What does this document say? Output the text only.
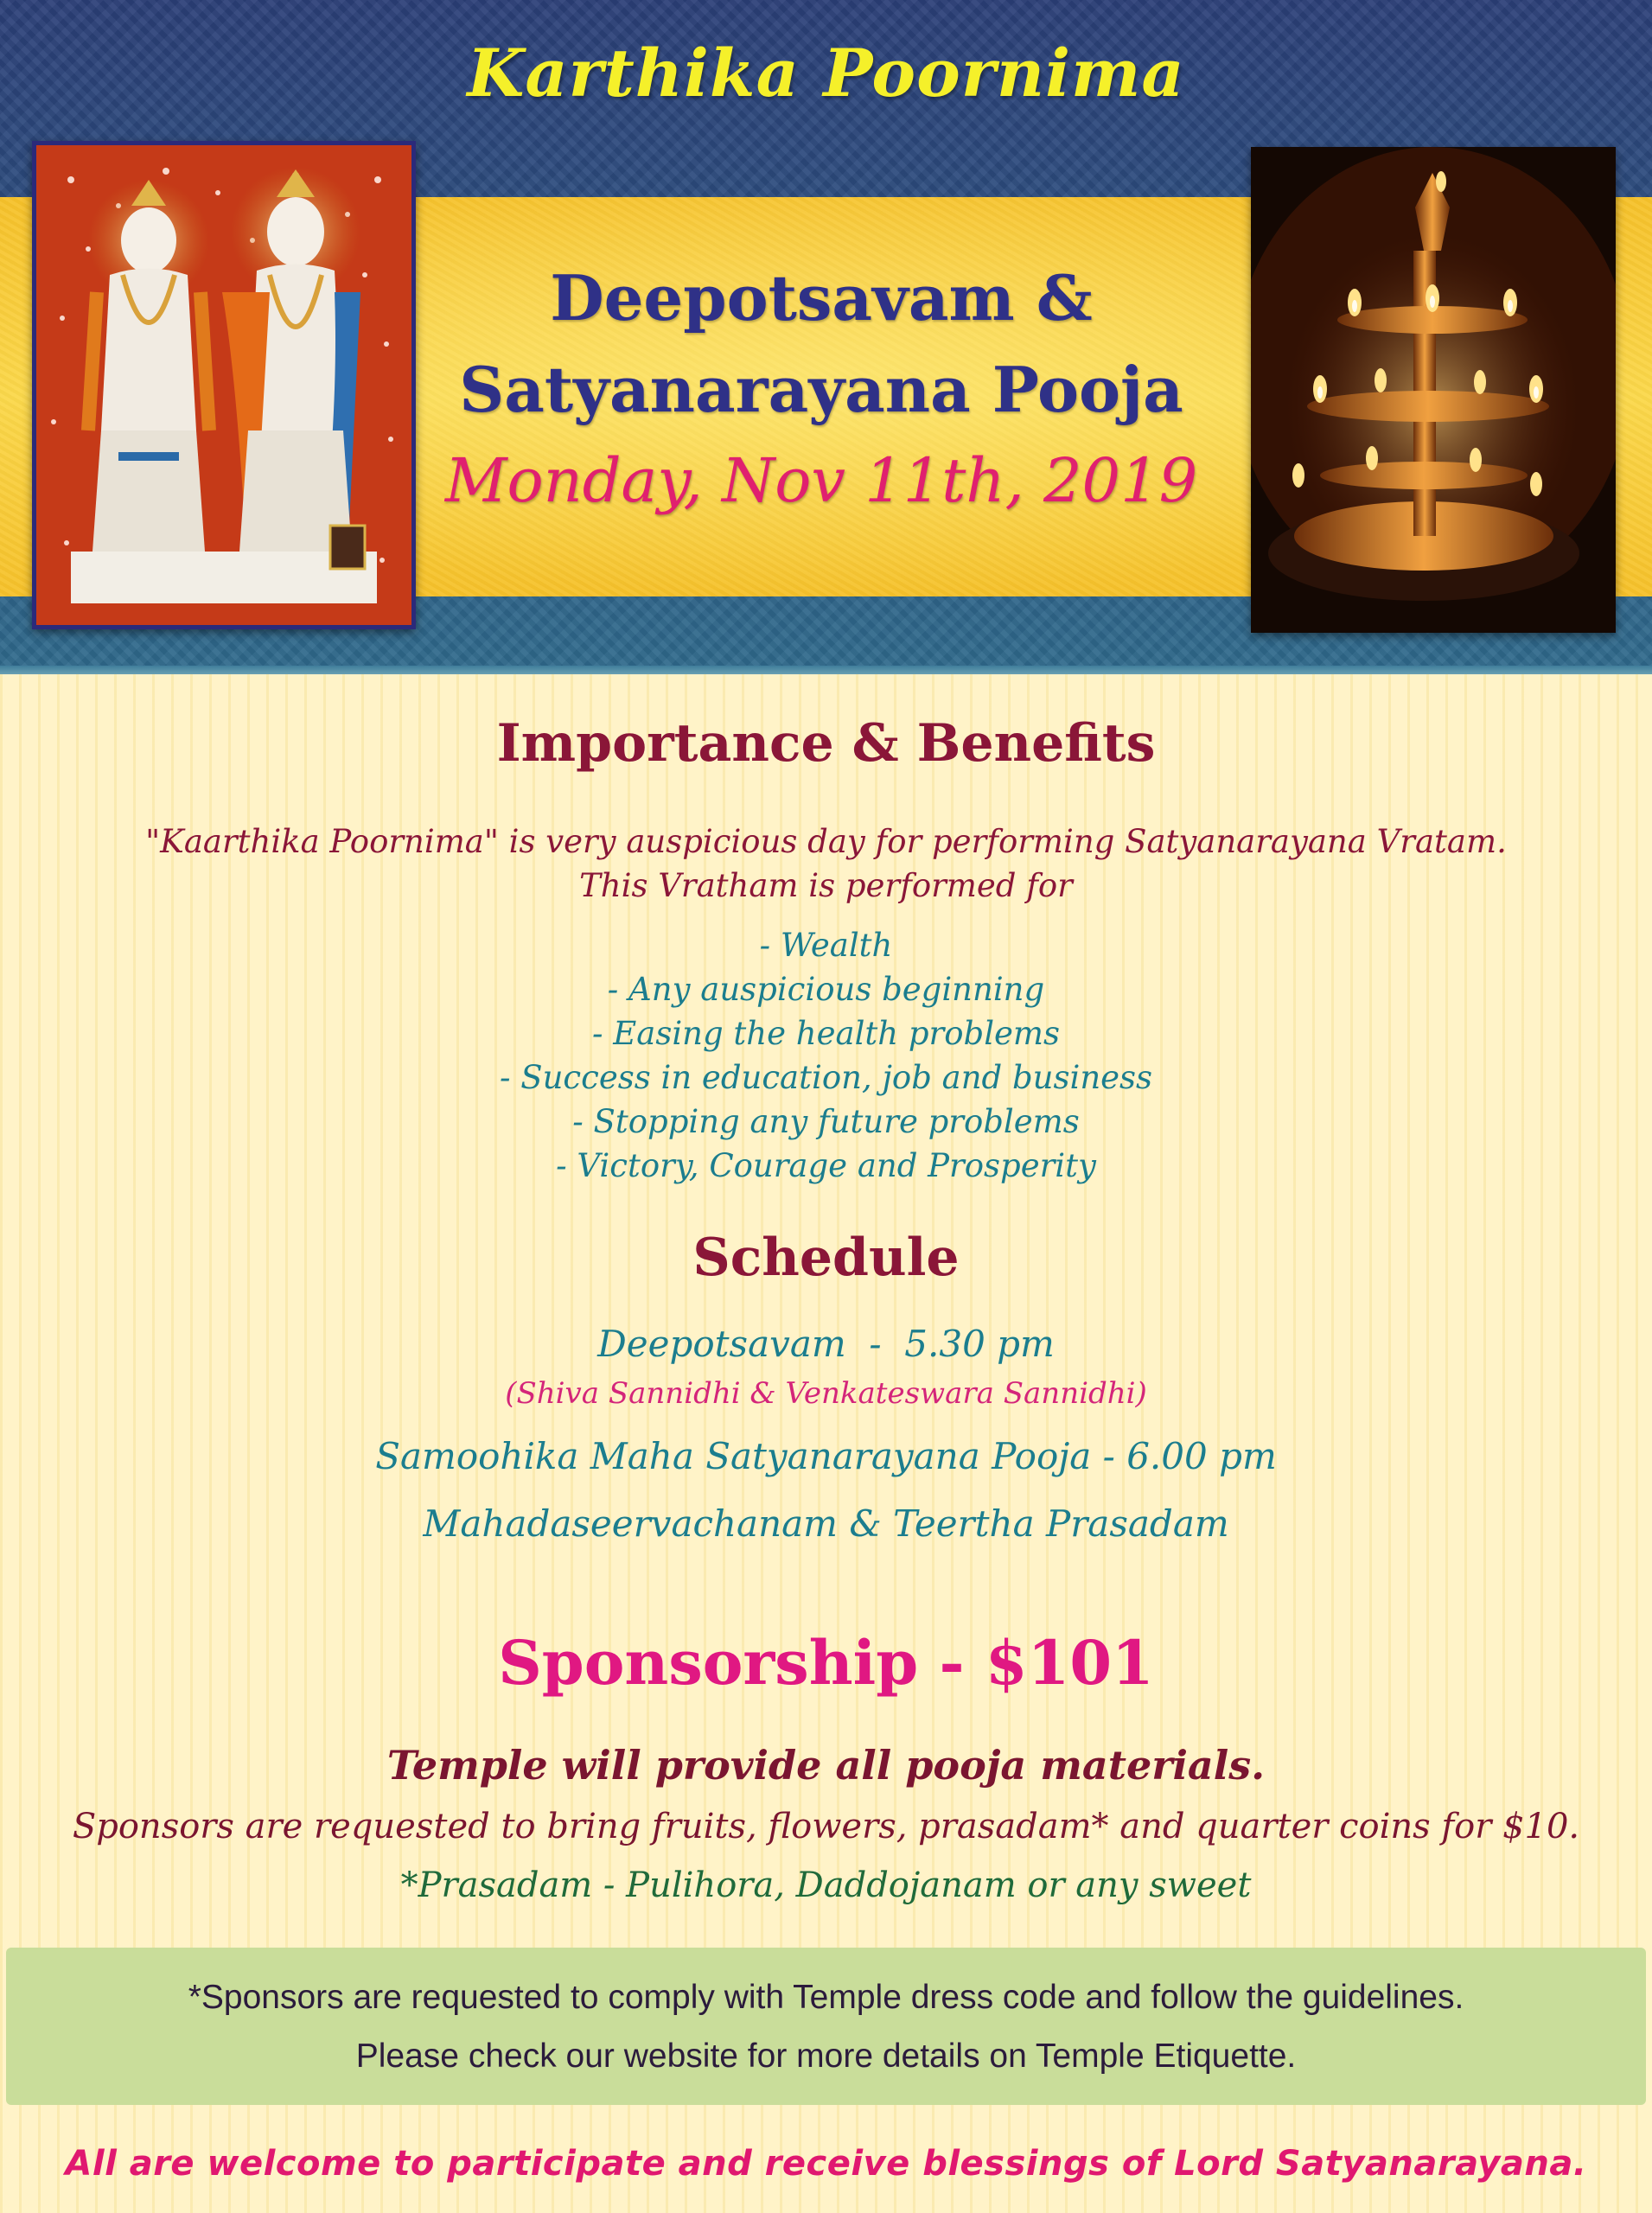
Karthika Poornima
Deepotsavam &
Satyanarayana Pooja
Monday, Nov 11th, 2019
Importance & Benefits
"Kaarthika Poornima" is very auspicious day for performing Satyanarayana Vratam.
This Vratham is performed for
- Wealth
- Any auspicious beginning
- Easing the health problems
- Success in education, job and business
- Stopping any future problems
- Victory, Courage and Prosperity
Schedule
Deepotsavam  -  5.30 pm
(Shiva Sannidhi & Venkateswara Sannidhi)
Samoohika Maha Satyanarayana Pooja - 6.00 pm
Mahadaseervachanam & Teertha Prasadam
Sponsorship - $101
Temple will provide all pooja materials.
Sponsors are requested to bring fruits, flowers, prasadam* and quarter coins for $10.
*Prasadam - Pulihora, Daddojanam or any sweet
*Sponsors are requested to comply with Temple dress code and follow the guidelines.
Please check our website for more details on Temple Etiquette.
All are welcome to participate and receive blessings of Lord Satyanarayana.
